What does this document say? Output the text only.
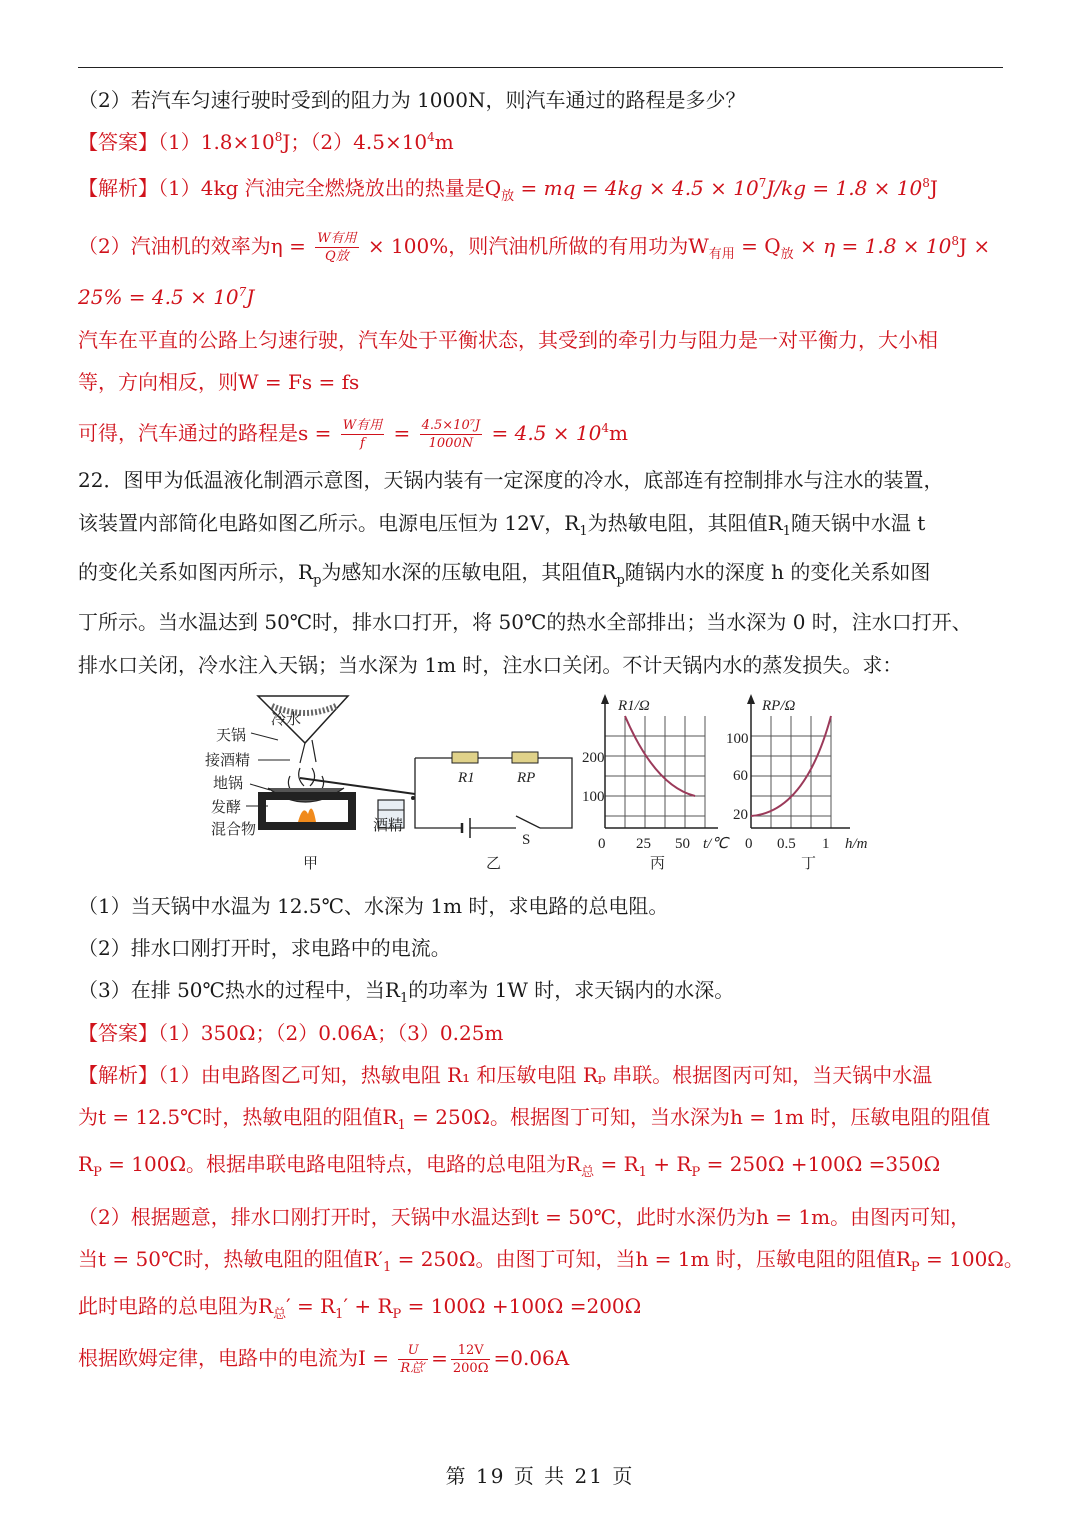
（2）若汽车匀速行驶时受到的阻力为 1000N，则汽车通过的路程是多少？
【答案】$(1)1.8\times 10^8J$；$(2)4.5\times 10^4m$
【解析】（1）4kg 汽油完全燃烧放出的热量是$Q_放$ = mq = $4kg \times 4.5 \times 10^7J/kg = 1.8 \times 10^8J$
（2）汽油机的效率为$\eta = \frac{\text{W有用}}{\text{Q放}} \times 100\%$，则汽油机所做的有用功为$W_{有用} = Q_放 \times \eta = 1.8 \times 10^8J$ ×
$25\% = 4.5 \times 10^7J$
汽车在平直的公路上匀速行驶，汽车处于平衡状态，其受到的牵引力与阻力是一对平衡力，大小相
等，方向相反，则W = Fs = fs
可得，汽车通过的路程是$s = \frac{\text{W有用}}{f} = \frac{\text{4.5×10⁷J}}{1000N} = 4.5 \times 10^4m$
22．图甲为低温液化制酒示意图，天锅内装有一定深度的冷水，底部连有控制排水与注水的装置，
该装置内部简化电路如图乙所示。电源电压恒为 12V，$R_1$为热敏电阻，其阻值$R_1$随天锅中水温 t
的变化关系如图丙所示，$R_p$为感知水深的压敏电阻，其阻值$R_p$随锅内水的深度 h 的变化关系如图
丁所示。当水温达到 50℃时，排水口打开，将 50℃的热水全部排出；当水深为 0 时，注水口打开、
排水口关闭，冷水注入天锅；当水深为 1m 时，注水口关闭。不计天锅内水的蒸发损失。求：
冷水
天锅
接酒精
地锅
发酵
混合物	酒精
甲
R1	RP
S
乙
R1/Ω
200
100
0 25 50 t/℃
丙
RP/Ω
100
60
20
0 0.5 1 h/m
丁
（1）当天锅中水温为 12.5℃、水深为 1m 时，求电路的总电阻。
（2）排水口刚打开时，求电路中的电流。
（3）在排 50℃热水的过程中，当$R_1$的功率为 1W 时，求天锅内的水深。
【答案】（1）350Ω；（2）0.06A；（3）0.25m
【解析】（1）由电路图乙可知，热敏电阻 R₁ 和压敏电阻 Rₚ 串联。根据图丙可知，当天锅中水温
为t = 12.5℃时，热敏电阻的阻值$R_1 = 250\Omega$。根据图丁可知，当水深为h = 1m 时，压敏电阻的阻值
$R_P = 100\Omega$。根据串联电路电阻特点，电路的总电阻为$R_总 = R_1 + R_P = 250\Omega +100\Omega =350\Omega$
（2）根据题意，排水口刚打开时，天锅中水温达到t = 50℃，此时水深仍为h = 1m。由图丙可知，
当t = 50℃时，热敏电阻的阻值$R'_1 = 250\Omega$。由图丁可知，当h = 1m 时，压敏电阻的阻值$R_P = 100\Omega$。
此时电路的总电阻为$R_总' = R_1' + R_P = 100\Omega +100\Omega =200\Omega$
根据欧姆定律，电路中的电流为$I = \frac{U}{\text{R总′}} = \frac{12V}{200\Omega} =0.06A$
第 19 页 共 21 页
